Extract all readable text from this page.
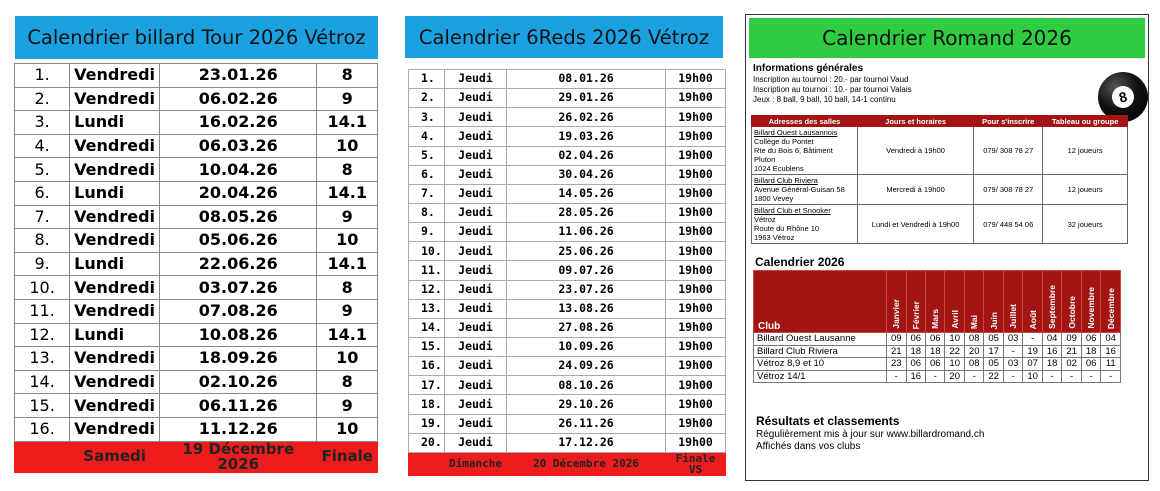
Calendrier billard Tour 2026 Vétroz
1.	Vendredi	23.01.26	8
2.	Vendredi	06.02.26	9
3.	Lundi	16.02.26	14.1
4.	Vendredi	06.03.26	10
5.	Vendredi	10.04.26	8
6.	Lundi	20.04.26	14.1
7.	Vendredi	08.05.26	9
8.	Vendredi	05.06.26	10
9.	Lundi	22.06.26	14.1
10.	Vendredi	03.07.26	8
11.	Vendredi	07.08.26	9
12.	Lundi	10.08.26	14.1
13.	Vendredi	18.09.26	10
14.	Vendredi	02.10.26	8
15.	Vendredi	06.11.26	9
16.	Vendredi	11.12.26	10
	Samedi	19 Décembre 2026	Finale
Calendrier 6Reds 2026 Vétroz
1.	Jeudi	08.01.26	19h00
2.	Jeudi	29.01.26	19h00
3.	Jeudi	26.02.26	19h00
4.	Jeudi	19.03.26	19h00
5.	Jeudi	02.04.26	19h00
6.	Jeudi	30.04.26	19h00
7.	Jeudi	14.05.26	19h00
8.	Jeudi	28.05.26	19h00
9.	Jeudi	11.06.26	19h00
10.	Jeudi	25.06.26	19h00
11.	Jeudi	09.07.26	19h00
12.	Jeudi	23.07.26	19h00
13.	Jeudi	13.08.26	19h00
14.	Jeudi	27.08.26	19h00
15.	Jeudi	10.09.26	19h00
16.	Jeudi	24.09.26	19h00
17.	Jeudi	08.10.26	19h00
18.	Jeudi	29.10.26	19h00
19.	Jeudi	26.11.26	19h00
20.	Jeudi	17.12.26	19h00
	Dimanche	20 Décembre 2026	Finale VS
Calendrier Romand 2026
Informations générales
Inscription au tournoi : 20.- par tournoi Vaud
Inscription au tournoi : 10.- par tournoi Valais
Jeux : 8 ball, 9 ball, 10 ball, 14-1 continu	8
Adresses des salles	Jours et horaires	Pour s'inscrire	Tableau ou groupe

Billard Ouest Lausannois
Collège du Pontet
Rte du Bois 6, Bâtiment
Pluton
1024 Ecublens	Vendredi à 19h00	079/ 308 78 27	12 joueurs

Billard Club Riviera
Avenue Général-Guisan 58
1800 Vevey	Mercredi à 19h00	079/ 308 78 27	12 joueurs

Billard Club et Snooker
Vétroz
Route du Rhône 10
1963 Vétroz	Lundi et Vendredi à 19h00	079/ 448 54 06	32 joueurs
Calendrier 2026
Club	Janvier	Février	Mars	Avril	Mai	Juin	Juillet	Août	Septembre	Octobre	Novembre	Décembre
Billard Ouest Lausanne	09	06	06	10	08	05	03	-	04	09	06	04
Billard Club Riviera	21	18	18	22	20	17	-	19	16	21	18	16
Vétroz 8,9 et 10	23	06	06	10	08	05	03	07	18	02	06	11
Vétroz 14/1	-	16	-	20	-	22	-	10	-	-	-	-
Résultats et classements
Régulièrement mis à jour sur www.billardromand.ch
Affichés dans vos clubs
